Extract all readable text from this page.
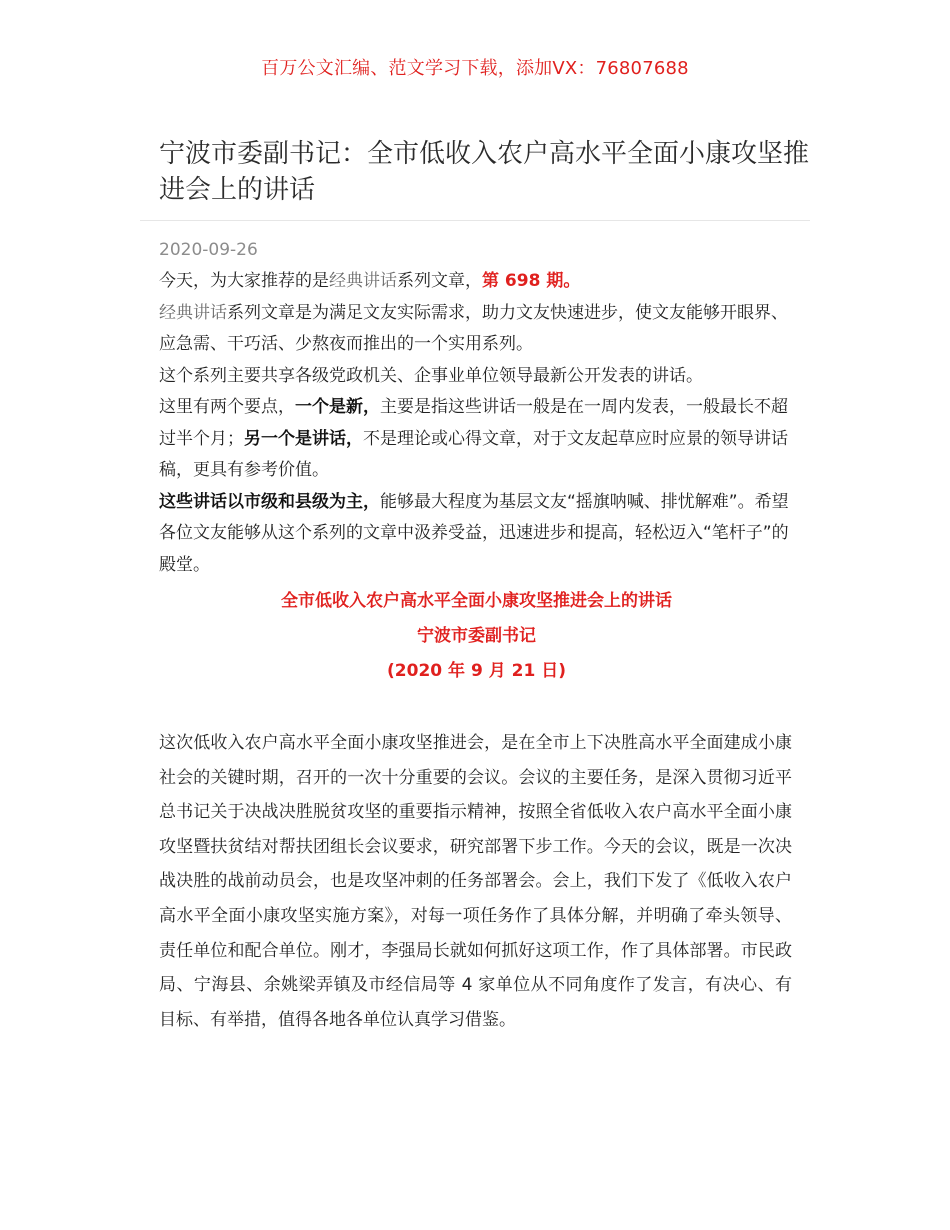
百万公文汇编、范文学习下载，添加VX：76807688
宁波市委副书记：全市低收入农户高水平全面小康攻坚推进会上的讲话
2020-09-26

今天，为大家推荐的是经典讲话系列文章，第 698 期。

经典讲话系列文章是为满足文友实际需求，助力文友快速进步，使文友能够开眼界、应急需、干巧活、少熬夜而推出的一个实用系列。

这个系列主要共享各级党政机关、企事业单位领导最新公开发表的讲话。

这里有两个要点，一个是新，主要是指这些讲话一般是在一周内发表，一般最长不超过半个月；另一个是讲话，不是理论或心得文章，对于文友起草应时应景的领导讲话稿，更具有参考价值。

这些讲话以市级和县级为主，能够最大程度为基层文友“摇旗呐喊、排忧解难”。希望各位文友能够从这个系列的文章中汲养受益，迅速进步和提高，轻松迈入“笔杆子”的殿堂。

全市低收入农户高水平全面小康攻坚推进会上的讲话
宁波市委副书记
(2020 年 9 月 21 日)

这次低收入农户高水平全面小康攻坚推进会，是在全市上下决胜高水平全面建成小康社会的关键时期，召开的一次十分重要的会议。会议的主要任务，是深入贯彻习近平总书记关于决战决胜脱贫攻坚的重要指示精神，按照全省低收入农户高水平全面小康攻坚暨扶贫结对帮扶团组长会议要求，研究部署下步工作。今天的会议，既是一次决战决胜的战前动员会，也是攻坚冲刺的任务部署会。会上，我们下发了《低收入农户高水平全面小康攻坚实施方案》，对每一项任务作了具体分解，并明确了牵头领导、责任单位和配合单位。刚才，李强局长就如何抓好这项工作，作了具体部署。市民政局、宁海县、余姚梁弄镇及市经信局等 4 家单位从不同角度作了发言，有决心、有目标、有举措，值得各地各单位认真学习借鉴。
